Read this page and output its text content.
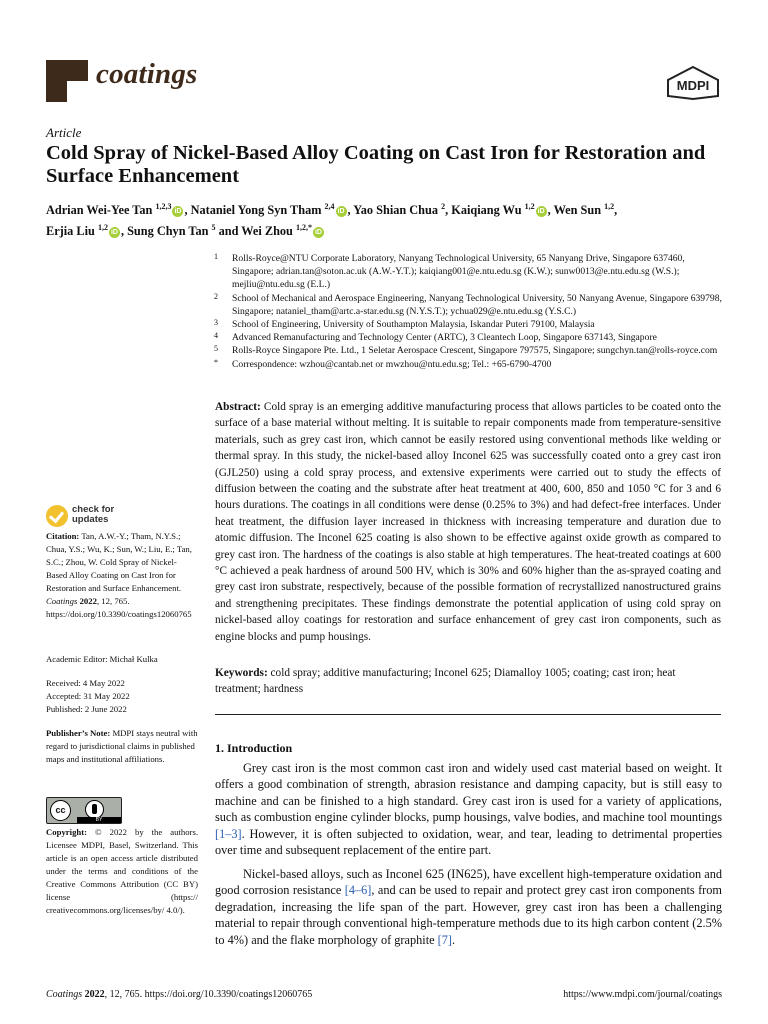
coatings	MDPI
Article
Cold Spray of Nickel-Based Alloy Coating on Cast Iron for Restoration and Surface Enhancement
Adrian Wei-Yee Tan $^{1,2,3}$iD , Nataniel Yong Syn Tham $^{2,4}$iD , Yao Shian Chua $^2$, Kaiqiang Wu $^{1,2}$iD , Wen Sun $^{1,2}$,
Erjia Liu $^{1,2}$iD , Sung Chyn Tan $^5$ and Wei Zhou $^{1,2,*}$iD
1 Rolls-Royce@NTU Corporate Laboratory, Nanyang Technological University, 65 Nanyang Drive, Singapore 637460, Singapore; adrian.tan@soton.ac.uk (A.W.-Y.T.); kaiqiang001@e.ntu.edu.sg (K.W.); sunw0013@e.ntu.edu.sg (W.S.); mejliu@ntu.edu.sg (E.L.)
2 School of Mechanical and Aerospace Engineering, Nanyang Technological University, 50 Nanyang Avenue, Singapore 639798, Singapore; nataniel_tham@artc.a-star.edu.sg (N.Y.S.T.); ychua029@e.ntu.edu.sg (Y.S.C.)
3 School of Engineering, University of Southampton Malaysia, Iskandar Puteri 79100, Malaysia
4 Advanced Remanufacturing and Technology Center (ARTC), 3 Cleantech Loop, Singapore 637143, Singapore
5 Rolls-Royce Singapore Pte. Ltd., 1 Seletar Aerospace Crescent, Singapore 797575, Singapore; sungchyn.tan@rolls-royce.com
* Correspondence: wzhou@cantab.net or mwzhou@ntu.edu.sg; Tel.: +65-6790-4700
Abstract: Cold spray is an emerging additive manufacturing process that allows particles to be coated onto the surface of a base material without melting. It is suitable to repair components made from temperature-sensitive materials, such as grey cast iron, which cannot be easily restored using conventional methods like welding or thermal spray. In this study, the nickel-based alloy Inconel 625 was successfully coated onto a grey cast iron (GJL250) using a cold spray process, and extensive experiments were carried out to study the effects of diffusion between the coating and the substrate after heat treatment at 400, 600, 850 and 1050 °C for 3 and 6 hours durations. The coatings in all conditions were dense (0.25% to 3%) and had defect-free interfaces. Under heat treatment, the diffusion layer increased in thickness with increasing temperature and duration due to atomic diffusion. The Inconel 625 coating is also shown to be effective against oxide growth as compared to grey cast iron. The hardness of the coatings is also stable at high temperatures. The heat-treated coatings at 600 °C achieved a peak hardness of around 500 HV, which is 30% and 60% higher than the as-sprayed coating and grey cast iron substrate, respectively, because of the possible formation of recrystallized nanostructured grains and strengthening precipitates. These findings demonstrate the potential application of using cold spray on nickel-based alloy coatings for restoration and surface enhancement of grey cast iron components, such as engine blocks and pump housings.
Keywords: cold spray; additive manufacturing; Inconel 625; Diamalloy 1005; coating; cast iron; heat treatment; hardness
1. Introduction
Grey cast iron is the most common cast iron and widely used cast material based on weight. It offers a good combination of strength, abrasion resistance and damping capacity, but is still easy to machine and can be finished to a high standard. Grey cast iron is used for a variety of applications, such as combustion engine cylinder blocks, pump housings, valve bodies, and machine tool mountings [1–3]. However, it is often subjected to oxidation, wear, and tear, leading to detrimental properties over time and subsequent replacement of the entire part.
Nickel-based alloys, such as Inconel 625 (IN625), have excellent high-temperature oxidation and good corrosion resistance [4–6], and can be used to repair and protect grey cast iron components from degradation, increasing the life span of the part. However, grey cast iron has been a challenging material to repair through conventional high-temperature methods due to its high carbon content (2.5% to 4%) and the flake morphology of graphite [7].
check for
updates
Citation: Tan, A.W.-Y.; Tham, N.Y.S.; Chua, Y.S.; Wu, K.; Sun, W.; Liu, E.; Tan, S.C.; Zhou, W. Cold Spray of Nickel-Based Alloy Coating on Cast Iron for Restoration and Surface Enhancement. Coatings 2022, 12, 765. https://doi.org/10.3390/coatings12060765
Academic Editor: Michał Kulka
Received: 4 May 2022
Accepted: 31 May 2022
Published: 2 June 2022
Publisher’s Note: MDPI stays neutral with regard to jurisdictional claims in published maps and institutional affiliations.
cc
BY
Copyright: © 2022 by the authors. Licensee MDPI, Basel, Switzerland. This article is an open access article distributed under the terms and conditions of the Creative Commons Attribution (CC BY) license (https:// creativecommons.org/licenses/by/ 4.0/).
Coatings 2022, 12, 765. https://doi.org/10.3390/coatings12060765	https://www.mdpi.com/journal/coatings
